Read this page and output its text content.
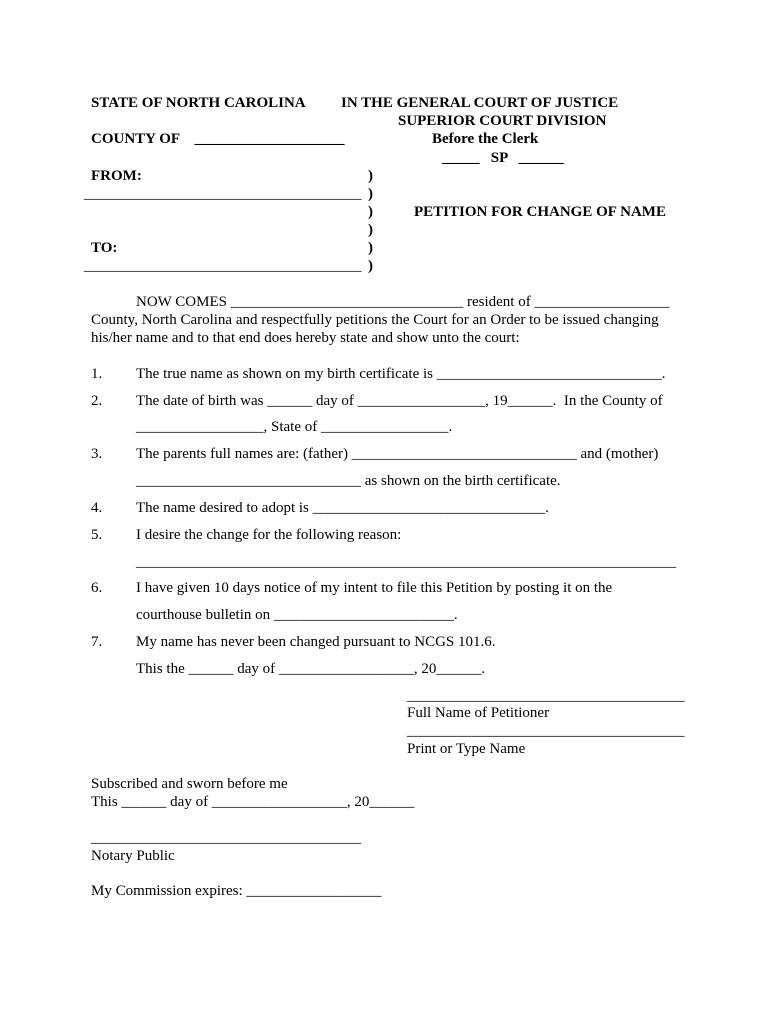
STATE OF NORTH CAROLINA IN THE GENERAL COURT OF JUSTICE
SUPERIOR COURT DIVISION
COUNTY OF    ____________________	Before the Clerk
_____   SP   ______
FROM:
_____________________________________
TO:
_____________________________________
)
)
)
)
)
)
PETITION FOR CHANGE OF NAME
NOW COMES _______________________________ resident of __________________
County, North Carolina and respectfully petitions the Court for an Order to be issued changing
his/her name and to that end does hereby state and show unto the court:
1. The true name as shown on my birth certificate is ______________________________.
2. The date of birth was ______ day of _________________, 19______.  In the County of
_________________, State of _________________.
3. The parents full names are: (father) ______________________________ and (mother)
______________________________ as shown on the birth certificate.
4. The name desired to adopt is _______________________________.
5. I desire the change for the following reason:
________________________________________________________________________
6. I have given 10 days notice of my intent to file this Petition by posting it on the
courthouse bulletin on ________________________.
7. My name has never been changed pursuant to NCGS 101.6.
This the ______ day of __________________, 20______.
_____________________________________
Full Name of Petitioner
_____________________________________
Print or Type Name
Subscribed and sworn before me
This ______ day of __________________, 20______
____________________________________
Notary Public
My Commission expires: __________________
